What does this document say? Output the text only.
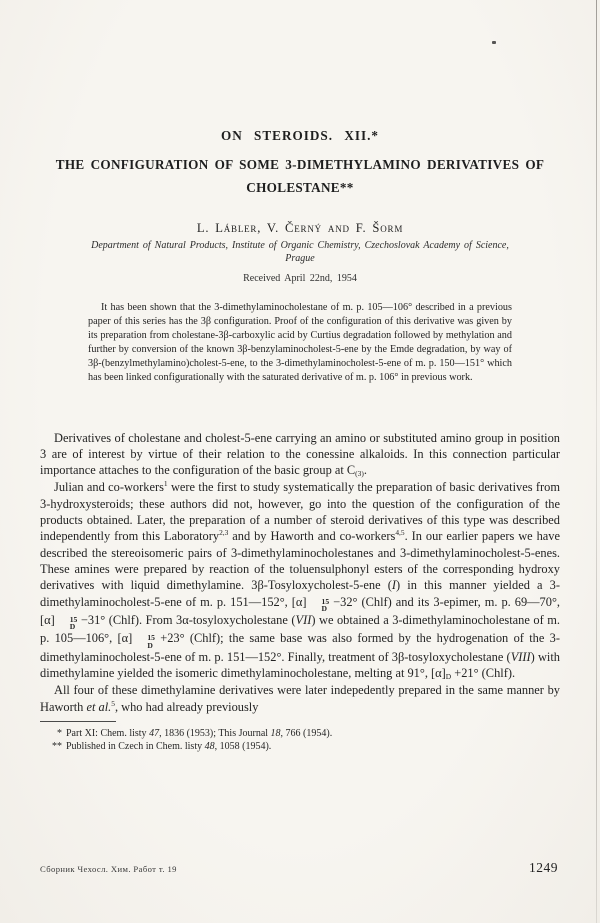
ON STEROIDS. XII.*
THE CONFIGURATION OF SOME 3-DIMETHYLAMINO DERIVATIVES OF CHOLESTANE**
L. Lábler, V. Černý and F. Šorm
Department of Natural Products, Institute of Organic Chemistry, Czechoslovak Academy of Science,
Prague
Received April 22nd, 1954

It has been shown that the 3-dimethylaminocholestane of m. p. 105—106° described in a previous paper of this series has the 3β configuration. Proof of the configuration of this derivative was given by its preparation from cholestane-3β-carboxylic acid by Curtius degradation followed by methylation and further by conversion of the known 3β-benzylaminocholest-5-ene by the Emde degradation, by way of 3β-(benzylmethylamino)cholest-5-ene, to the 3-dimethylaminocholest-5-ene of m. p. 150—151° which has been linked configurationally with the saturated derivative of m. p. 106° in previous work.

Derivatives of cholestane and cholest-5-ene carrying an amino or substituted amino group in position 3 are of interest by virtue of their relation to the conessine alkaloids. In this connection particular importance attaches to the configuration of the basic group at $C_{(3)}$.

Julian and co-workers$^1$ were the first to study systematically the preparation of basic derivatives from 3-hydroxysteroids; these authors did not, however, go into the question of the configuration of the products obtained. Later, the preparation of a number of steroid derivatives of this type was described independently from this Laboratory$^{2,3}$ and by Haworth and co-workers$^{4,5}$. In our earlier papers we have described the stereoisomeric pairs of 3-dimethylaminocholestanes and 3-dimethylaminocholest-5-enes. These amines were prepared by reaction of the toluensulphonyl esters of the corresponding hydroxy derivatives with liquid dimethylamine. 3β-Tosyloxycholest-5-ene (I) in this manner yielded a 3-dimethylaminocholest-5-ene of m. p. 151—152°, [α]	15
D −32° (Chlf) and its 3-epimer, m. p. 69—70°, [α]	15
D −31° (Chlf). From 3α-tosyloxycholestane (VII) we obtained a 3-dimethylaminocholestane of m. p. 105—106°, [α]	15
D +23° (Chlf); the same base was also formed by the hydrogenation of the 3-dimethylaminocholest-5-ene of m. p. 151—152°. Finally, treatment of 3β-tosyloxycholestane (VIII) with dimethylamine yielded the isomeric dimethylaminocholestane, melting at 91°, $[\alpha]_D +21^\circ$ (Chlf).

All four of these dimethylamine derivatives were later indepedently prepared in the same manner by Haworth et al.$^5$, who had already previously

* Part XI: Chem. listy 47, 1836 (1953); This Journal 18, 766 (1954).
** Published in Czech in Chem. listy 48, 1058 (1954).
Сборник Чехосл. Хим. Работ т. 19	1249
